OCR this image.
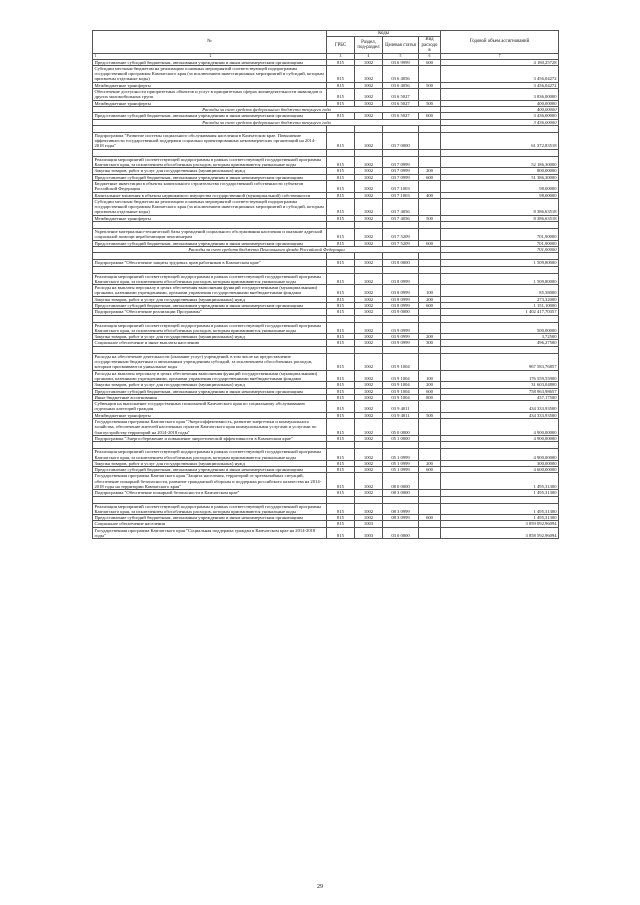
№	Коды				Годовой объем ассигнований
	ГРБС	Раздел, под-раздел	Целевая статья	Вид расходов	

1 2	3	4	5	6	7
Предоставление субсидий бюджетным, автономным учреждениям и иным некоммерческим организациям	815	1002	03 6 9999	600	4 180,25728
Субсидии местным бюджетам на реализацию основных мероприятий соответствующей подпрограммы государственной программы Камчатского края (за исключением инвестиционных мероприятий и субсидий, которым присвоены отдельные коды)	815	1002	03 6 4056		3 456,04272
Межбюджетные трансферты	815	1002	03 6 4056	500	3 456,04272
Обеспечение доступности приоритетных объектов и услуг в приоритетных сферах жизнедеятельности инвалидов и других маломобильных групп	815	1002	03 6 5027		3 836,00000
Межбюджетные трансферты	815	1002	03 6 5027	500	400,00000
Расходы за счет средств федерального бюджета текущего года					400,00000
Предоставление субсидий бюджетным, автономным учреждениям и иным некоммерческим организациям	815	1002	03 6 5027	600	3 436,00000
Расходы за счет средств федерального бюджета текущего года					3 436,00000

Подпрограмма "Развитие системы социального обслуживания населения в Камчатском крае. Повышение эффективности государственной поддержки социально ориентированных некоммерческих организаций на 2014-2018 годы"	815	1002	03 7 0000		61 372,83518

Реализация мероприятий соответствующей подпрограммы в рамках соответствующей государственной программы Камчатского края, за исключением обособленных расходов, которым присваиваются уникальные коды	815	1002	03 7 0999		52 186,30000
Закупка товаров, работ и услуг для государственных (муниципальных) нужд	815	1002	03 7 0999	200	800,00000
Предоставление субсидий бюджетным, автономным учреждениям и иным некоммерческим организациям	815	1002	03 7 0999	600	51 386,30000
Бюджетные инвестиции в объекты капитального строительства государственной собственности субъектов Российской Федерации	815	1002	03 7 1003		98,00000
Капитальные вложения в объекты недвижимого имущества государственной (муниципальной) собственности	815	1002	03 7 1003	400	98,00000
Субсидии местным бюджетам на реализацию основных мероприятий соответствующей подпрограммы государственной программы Камчатского края (за исключением инвестиционных мероприятий и субсидий, которым присвоены отдельные коды)	815	1002	03 7 4056		8 386,63518
Межбюджетные трансферты	815	1002	03 7 4056	500	8 386,63518

Укрепление материально-технической базы учреждений социального обслуживания населения и оказание адресной социальной помощи неработающим пенсионерам	815	1002	03 7 5209		701,90000
Предоставление субсидий бюджетным, автономным учреждениям и иным некоммерческим организациям	815	1002	03 7 5209	600	701,90000
Расходы за счет средств бюджета Пенсионного фонда Российской Федерации					701,90000

Подпрограмма "Обеспечение защиты трудовых прав работников в Камчатском крае"	815	1002	03 8 0000		1 509,80000

Реализация мероприятий соответствующей подпрограммы в рамках соответствующей государственной программы Камчатского края, за исключением обособленных расходов, которым присваиваются уникальные коды	815	1002	03 8 0999		1 509,80000
Расходы на выплаты персоналу в целях обеспечения выполнения функций государственными (муниципальными) органами, казенными учреждениями, органами управления государственными внебюджетными фондами	815	1002	03 8 0999	100	85,38000
Закупка товаров, работ и услуг для государственных (муниципальных) нужд	815	1002	03 8 0999	200	273,32000
Предоставление субсидий бюджетным, автономным учреждениям и иным некоммерческим организациям	815	1002	03 8 0999	600	1 151,10000
Подпрограмма "Обеспечение реализации Программы"	815	1002	03 9 0000		1 402 417,70357

Реализация мероприятий соответствующей подпрограммы в рамках соответствующей государственной программы Камчатского края, за исключением обособленных расходов, которым присваиваются уникальные коды	815	1002	03 9 0999		500,00000
Закупка товаров, работ и услуг для государственных (муниципальных) нужд	815	1002	03 9 0999	200	3,72500
Социальное обеспечение и иные выплаты населению	815	1002	03 9 0999	300	496,27500

Расходы на обеспечение деятельности (оказание услуг) учреждений, в том числе на предоставление государственным бюджетным и автономным учреждениям субсидий, за исключением обособленных расходов, которым присваиваются уникальные коды	815	1002	03 9 1004		967 583,76857
Расходы на выплаты персоналу в целях обеспечения выполнения функций государственными (муниципальными) органами, казенными учреждениями, органами управления государственными внебюджетными фондами	815	1002	03 9 1004	100	176 559,55900
Закупка товаров, работ и услуг для государственных (муниципальных) нужд	815	1002	03 9 1004	200	31 603,04800
Предоставление субсидий бюджетным, автономным учреждениям и иным некоммерческим организациям	815	1002	03 9 1004	600	758 963,98657
Иные бюджетные ассигнования	815	1002	03 9 1004	800	457,17500
Субвенции на выполнение государственных полномочий Камчатского края по социальному обслуживанию отдельных категорий граждан	815	1002	03 9 4011		434 333,93500
Межбюджетные трансферты	815	1002	03 9 4011	500	434 333,93500
Государственная программа Камчатского края "Энергоэффективность, развитие энергетики и коммунального хозяйства, обеспечение жителей населенных пунктов Камчатского края коммунальными услугами и услугами по благоустройству территорий на 2014-2018 годы"	815	1002	05 0 0000		4 900,00000
Подпрограмма "Энергосбережение и повышение энергетической эффективности в Камчатском крае"	815	1002	05 1 0000		4 900,00000

Реализация мероприятий соответствующей подпрограммы в рамках соответствующей государственной программы Камчатского края, за исключением обособленных расходов, которым присваиваются уникальные коды	815	1002	05 1 0999		4 900,00000
Закупка товаров, работ и услуг для государственных (муниципальных) нужд	815	1002	05 1 0999	200	300,00000
Предоставление субсидий бюджетным, автономным учреждениям и иным некоммерческим организациям	815	1002	05 1 0999	600	4 600,00000
Государственная программа Камчатского края "Защита населения, территорий от чрезвычайных ситуаций, обеспечение пожарной безопасности, развитие гражданской обороны и поддержка российского казачества на 2014-2018 годы на территории Камчатского края"	815	1002	08 0 0000		1 495,31300
Подпрограмма "Обеспечение пожарной безопасности в Камчатском крае"	815	1002	08 3 0000		1 495,31300

Реализация мероприятий соответствующей подпрограммы в рамках соответствующей государственной программы Камчатского края, за исключением обособленных расходов, которым присваиваются уникальные коды	815	1002	08 3 0999		1 495,31300
Предоставление субсидий бюджетным, автономным учреждениям и иным некоммерческим организациям	815	1002	08 3 0999	600	1 495,31300
Социальное обеспечение населения	815	1003			3 859 092,96094
Государственная программа Камчатского края "Социальная поддержка граждан в Камчатском крае на 2014-2018 годы"	815	1003	03 0 0000		3 858 592,96094
29
